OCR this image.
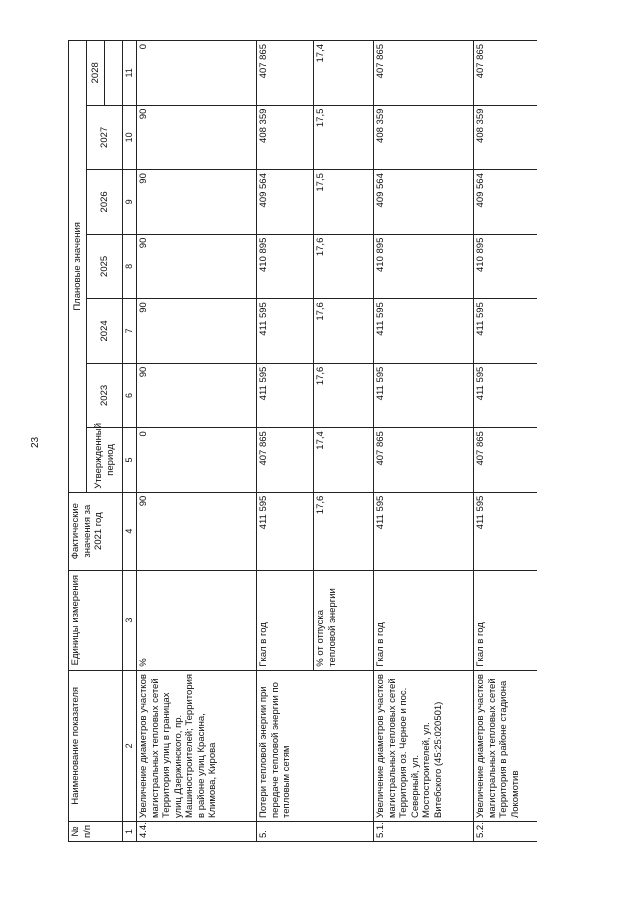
23
№ п/п	Наименование показателя	Единицы измерения	Фактические значения за 2021 год	Плановые значения						
				Утвержденный период	2023	2024	2025	2026	2027	2028

1	2	3	4	5	6	7	8	9	10	11
4.4.	Увеличение диаметров участков магистральных тепловых сетей Территория улиц в границах улиц Дзержинского, пр. Машиностроителей; Территория в районе улиц Красина, Климова, Кирова	%	90	0	90	90	90	90	90	0
5.	Потери тепловой энергии при передаче тепловой энергии по тепловым сетям	Гкал в год	411 595	407 865	411 595	411 595	410 895	409 564	408 359	407 865
		% от отпуска тепловой энергии	17,6	17,4	17,6	17,6	17,6	17,5	17,5	17,4
5.1.	Увеличение диаметров участков магистральных тепловых сетей Территория оз. Черное и пос. Северный, ул. Мостостроителей, ул. Витебского (45:25:020501)	Гкал в год	411 595	407 865	411 595	411 595	410 895	409 564	408 359	407 865
5.2.	Увеличение диаметров участков магистральных тепловых сетей Территория в районе стадиона Локомотив	Гкал в год	411 595	407 865	411 595	411 595	410 895	409 564	408 359	407 865
